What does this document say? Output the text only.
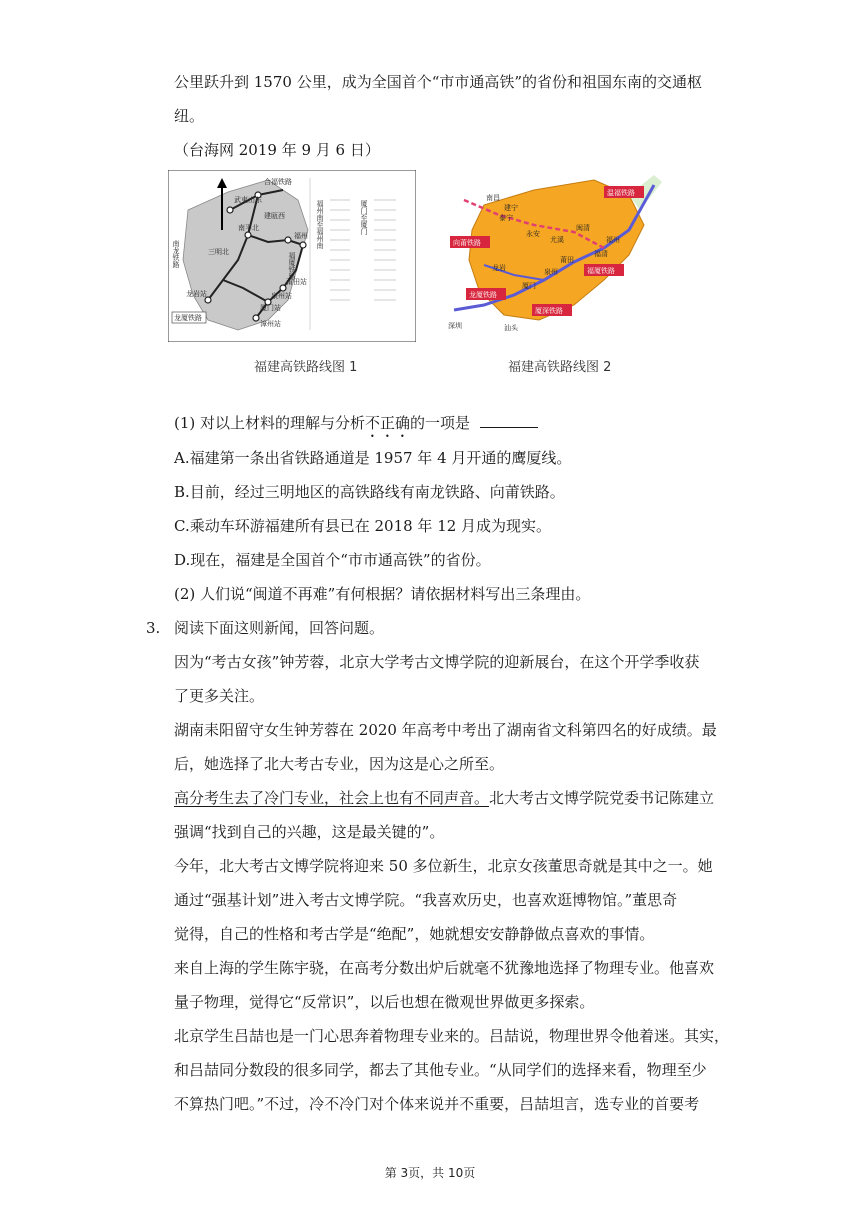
公里跃升到 1570 公里，成为全国首个“市市通高铁”的省份和祖国东南的交通枢
纽。
（台海网 2019 年 9 月 6 日）
合福铁路
武夷山东
南平北
建瓯西
福州
莆田站
泉州站
厦门站
漳州站
龙岩站
三明北
南龙铁路	福厦铁路
龙厦铁路
福州南至福州南	厦门至厦门
福建高铁路线图 1
温福铁路
向莆铁路
福厦铁路
龙厦铁路
厦深铁路
南昌
泰宁
永安
尤溪
闽清
福州
福清
莆田
泉州
厦门
龙岩
建宁
汕头
深圳
福建高铁路线图 2
(1) 对以上材料的理解与分析不正确的一项是
A.福建第一条出省铁路通道是 1957 年 4 月开通的鹰厦线。
B.目前，经过三明地区的高铁路线有南龙铁路、向莆铁路。
C.乘动车环游福建所有县已在 2018 年 12 月成为现实。
D.现在，福建是全国首个“市市通高铁”的省份。
(2) 人们说“闽道不再难”有何根据？请依据材料写出三条理由。
3. 阅读下面这则新闻，回答问题。
因为“考古女孩”钟芳蓉，北京大学考古文博学院的迎新展台，在这个开学季收获
了更多关注。
湖南耒阳留守女生钟芳蓉在 2020 年高考中考出了湖南省文科第四名的好成绩。最
后，她选择了北大考古专业，因为这是心之所至。
高分考生去了冷门专业，社会上也有不同声音。北大考古文博学院党委书记陈建立
强调“找到自己的兴趣，这是最关键的”。
今年，北大考古文博学院将迎来 50 多位新生，北京女孩董思奇就是其中之一。她
通过“强基计划”进入考古文博学院。“我喜欢历史，也喜欢逛博物馆。”董思奇
觉得，自己的性格和考古学是“绝配”，她就想安安静静做点喜欢的事情。
来自上海的学生陈宇骁，在高考分数出炉后就毫不犹豫地选择了物理专业。他喜欢
量子物理，觉得它“反常识”，以后也想在微观世界做更多探索。
北京学生吕喆也是一门心思奔着物理专业来的。吕喆说，物理世界令他着迷。其实，
和吕喆同分数段的很多同学，都去了其他专业。“从同学们的选择来看，物理至少
不算热门吧。”不过，冷不冷门对个体来说并不重要，吕喆坦言，选专业的首要考
第 3页，共 10页
